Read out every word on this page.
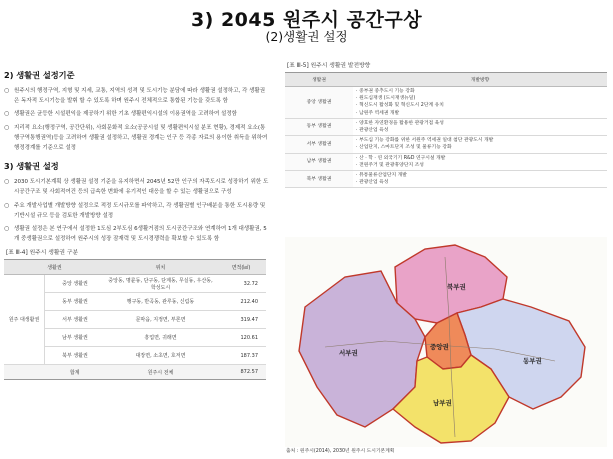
3) 2045 원주시 공간구상
(2)생활권 설정
2) 생활권 설정기준
○ 원주시의 행정구역, 지형 및 지세, 교통, 지역의 성격 및 도시기능 분담에 따라 생활권 설정하고, 각 생활권은 독자적 도시기능을 발휘 할 수 있도록 하며 원주시 전체적으로 통합된 기능을 갖도록 함
○ 생활권은 균등한 시설편익을 제공하기 위한 기초 생활편익시설의 이용권역을 고려하여 설정함
○ 지리적 요소(행정구역, 공간단위), 사회문화적 요소(공공시설 및 생활편익시설 분포 현황), 경제적 요소(통행구역통행권역)등을 고려하여 생활권 설정하고, 생활권 경계는 인구 등 각종 자료의 용이한 취득을 위하여 행정경계를 기준으로 설정
3) 생활권 설정
○ 2030 도시기본계획 상 생활권 설정 기준을 유지하면서 2045년 52만 인구의 자족도시로 성장하기 위한 도시공간구조 및 사회적여건 등의 급속한 변화에 유기적인 대응을 할 수 있는 생활권으로 구성
○ 주요 개발사업별 개발방향 설정으로 적정 도시규모를 파악하고, 각 생활권별 인구배분을 통한 도시용량 및 기반시설 규모 등을 검토한 개발방향 설정
○ 생활권 설정은 본 연구에서 설정한 1도심 2부도심 6생활거점의 도시공간구조와 연계하여 1개 대생활권, 5개 중생활권으로 설정하여 원주시의 성장 잠재력 및 도시경쟁력을 확보할 수 있도록 함
[표 Ⅲ-4] 원주시 생활권 구분
생활권		위치	면적(㎢)
원주 대생활권	중앙 생활권	중앙동, 명륜동, 단구동, 단계동, 무실동, 우산동, 학성도시	32.72
	동부 생활권	행구동, 반곡동, 관루동, 신림동	212.40
	서부 생활권	문막읍, 지정면, 부론면	319.47
	남부 생활권	흥업면, 귀래면	120.61
	북부 생활권	대장면, 소초면, 호저면	187.37
	합계	원주시 전체	872.57
[표 Ⅲ-5] 원주시 생활권 발전방향
생활권	개발방향
중앙 생활권	· 중부권 중추도시 기능 강화
· 원도심재생 (도시재생뉴딜)
· 혁신도시 활성화 및 혁신도시 2단계 유치
· 남원주 역세권 개발

동부 생활권	· 양호한 자연환경을 활용한 관광거점 육성
· 관광산업 육성

서부 생활권	· 부도심 기능 강화를 위한 서원주 역세권 일대 첨단 관광도시 개발
· 산업단지, 스마트단지 조성 및 물류기능 강화

남부 생활권	· 산 · 학 · 연 외국기기 R&D 연구시설 개발
· 전원주거 및 관광휴양단지 조성

북부 생활권	· 뮤통물류산업단지 개발
· 관광산업 육성
북부권
서부권
중앙권
남부권
동부권
출처 : 원주시(2014), 2030년 원주시 도시기본계획
